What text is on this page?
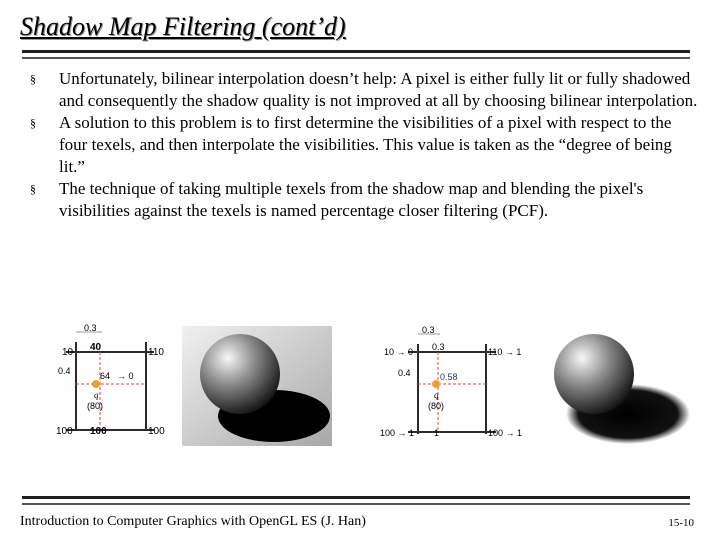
Shadow Map Filtering (cont’d)
§ Unfortunately, bilinear interpolation doesn’t help: A pixel is either fully lit or fully shadowed and consequently the shadow quality is not improved at all by choosing bilinear interpolation.
§ A solution to this problem is to first determine the visibilities of a pixel with respect to the four texels, and then interpolate the visibilities. This value is taken as the “degree of being lit.”
§ The technique of taking multiple texels from the shadow map and blending the pixel's visibilities against the texels is named percentage closer filtering (PCF).
0.3
10 40	110
0.4	64 → 0
q
(80)
100 100	100
0.3
10 → 0 0.3	110 → 1
0.4	0.58
q
(80)
100 → 1 1	100 → 1
Introduction to Computer Graphics with OpenGL ES (J. Han)	15-10
